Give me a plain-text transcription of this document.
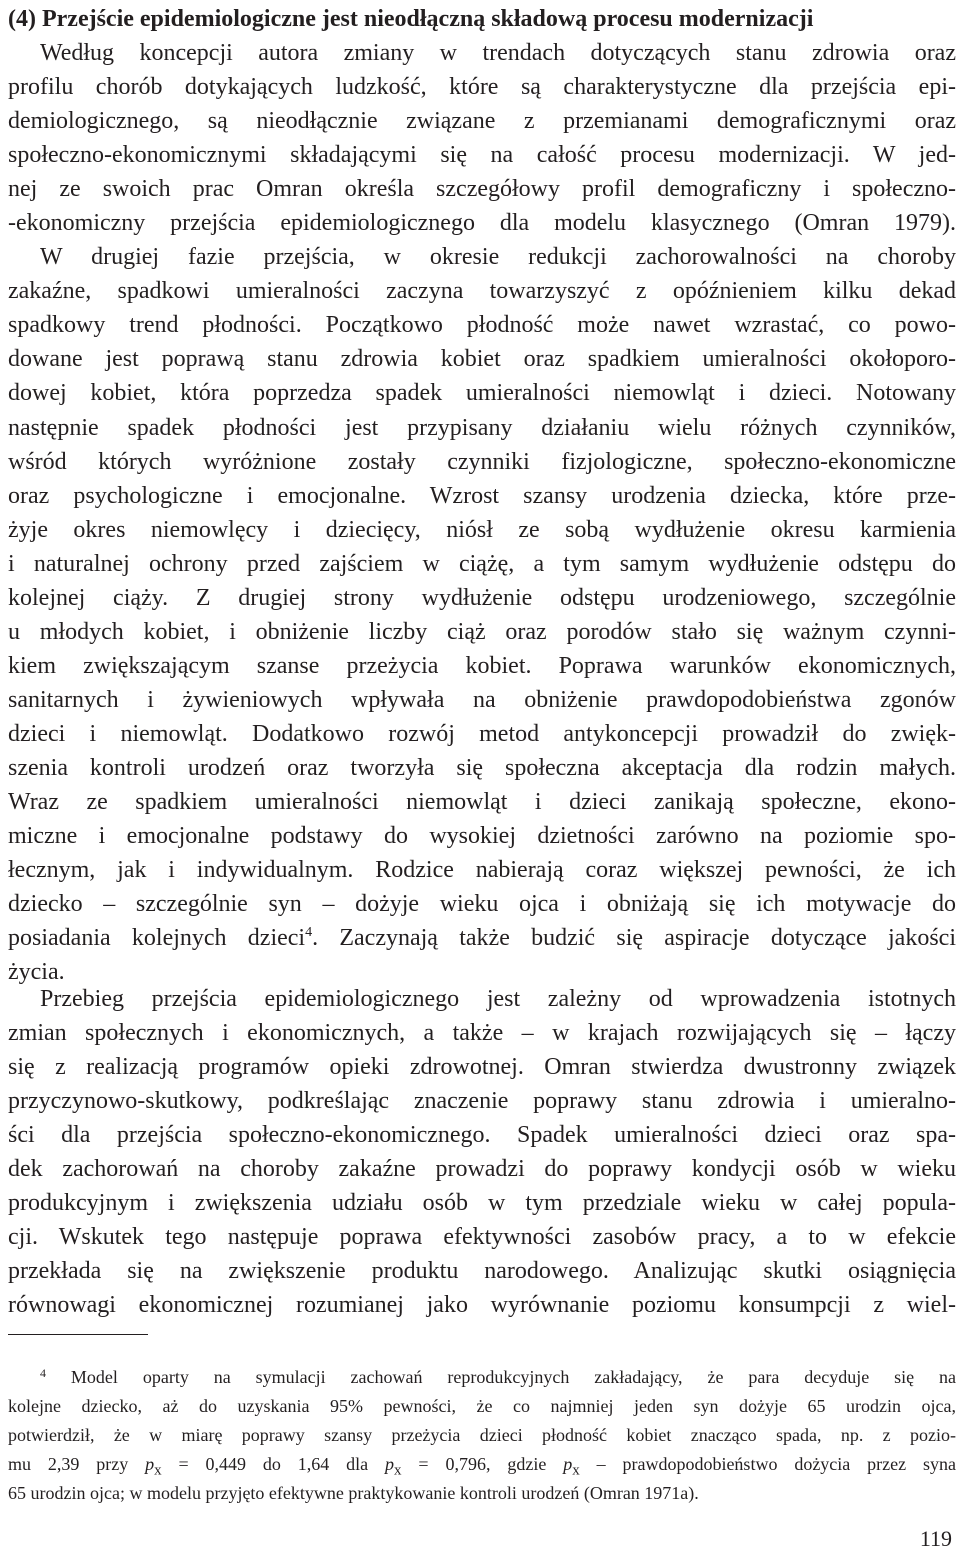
(4) Przejście epidemiologiczne jest nieodłączną składową procesu modernizacji
Według koncepcji autora zmiany w trendach dotyczących stanu zdrowia oraz
profilu chorób dotykających ludzkość, które są charakterystyczne dla przejścia epi-
demiologicznego, są nieodłącznie związane z przemianami demograficznymi oraz
społeczno-ekonomicznymi składającymi się na całość procesu modernizacji. W jed-
nej ze swoich prac Omran określa szczegółowy profil demograficzny i społeczno-
-ekonomiczny przejścia epidemiologicznego dla modelu klasycznego (Omran 1979).
W drugiej fazie przejścia, w okresie redukcji zachorowalności na choroby
zakaźne, spadkowi umieralności zaczyna towarzyszyć z opóźnieniem kilku dekad
spadkowy trend płodności. Początkowo płodność może nawet wzrastać, co powo-
dowane jest poprawą stanu zdrowia kobiet oraz spadkiem umieralności okołoporo-
dowej kobiet, która poprzedza spadek umieralności niemowląt i dzieci. Notowany
następnie spadek płodności jest przypisany działaniu wielu różnych czynników,
wśród których wyróżnione zostały czynniki fizjologiczne, społeczno-ekonomiczne
oraz psychologiczne i emocjonalne. Wzrost szansy urodzenia dziecka, które prze-
żyje okres niemowlęcy i dziecięcy, niósł ze sobą wydłużenie okresu karmienia
i naturalnej ochrony przed zajściem w ciążę, a tym samym wydłużenie odstępu do
kolejnej ciąży. Z drugiej strony wydłużenie odstępu urodzeniowego, szczególnie
u młodych kobiet, i obniżenie liczby ciąż oraz porodów stało się ważnym czynni-
kiem zwiększającym szanse przeżycia kobiet. Poprawa warunków ekonomicznych,
sanitarnych i żywieniowych wpływała na obniżenie prawdopodobieństwa zgonów
dzieci i niemowląt. Dodatkowo rozwój metod antykoncepcji prowadził do zwięk-
szenia kontroli urodzeń oraz tworzyła się społeczna akceptacja dla rodzin małych.
Wraz ze spadkiem umieralności niemowląt i dzieci zanikają społeczne, ekono-
miczne i emocjonalne podstawy do wysokiej dzietności zarówno na poziomie spo-
łecznym, jak i indywidualnym. Rodzice nabierają coraz większej pewności, że ich
dziecko – szczególnie syn – dożyje wieku ojca i obniżają się ich motywacje do
posiadania kolejnych dzieci$^4$. Zaczynają także budzić się aspiracje dotyczące jakości
życia.
Przebieg przejścia epidemiologicznego jest zależny od wprowadzenia istotnych
zmian społecznych i ekonomicznych, a także – w krajach rozwijających się – łączy
się z realizacją programów opieki zdrowotnej. Omran stwierdza dwustronny związek
przyczynowo-skutkowy, podkreślając znaczenie poprawy stanu zdrowia i umieralno-
ści dla przejścia społeczno-ekonomicznego. Spadek umieralności dzieci oraz spa-
dek zachorowań na choroby zakaźne prowadzi do poprawy kondycji osób w wieku
produkcyjnym i zwiększenia udziału osób w tym przedziale wieku w całej popula-
cji. Wskutek tego następuje poprawa efektywności zasobów pracy, a to w efekcie
przekłada się na zwiększenie produktu narodowego. Analizując skutki osiągnięcia
równowagi ekonomicznej rozumianej jako wyrównanie poziomu konsumpcji z wiel-
$^4$ Model oparty na symulacji zachowań reprodukcyjnych zakładający, że para decyduje się na
kolejne dziecko, aż do uzyskania 95% pewności, że co najmniej jeden syn dożyje 65 urodzin ojca,
potwierdził, że w miarę poprawy szansy przeżycia dzieci płodność kobiet znacząco spada, np. z pozio-
mu 2,39 przy $p_x = 0,449$ do 1,64 dla $p_x = 0,796$, gdzie $p_x$ – prawdopodobieństwo dożycia przez syna
65 urodzin ojca; w modelu przyjęto efektywne praktykowanie kontroli urodzeń (Omran 1971a).
119
